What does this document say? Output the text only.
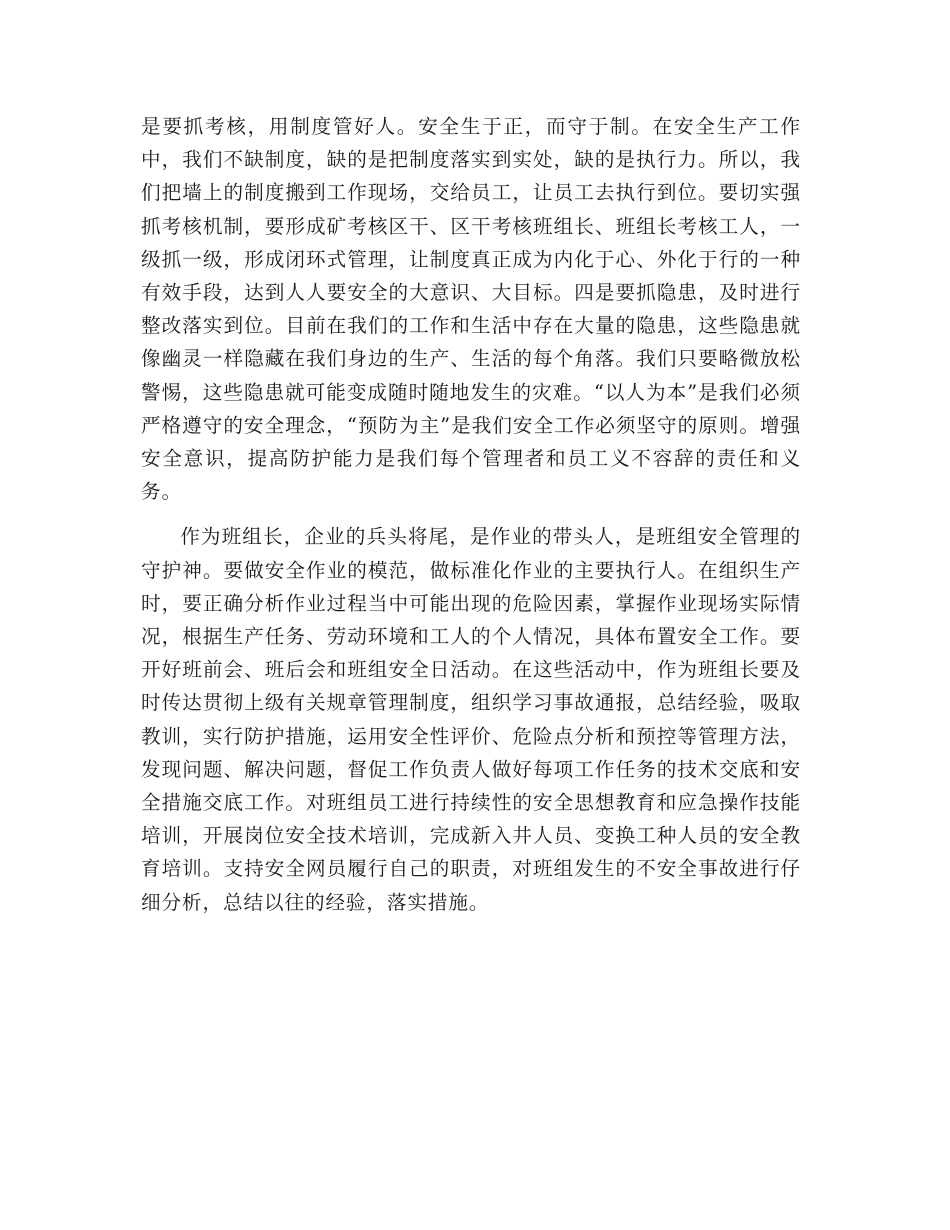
是要抓考核，用制度管好人。安全生于正，而守于制。在安全生产工作中，我们不缺制度，缺的是把制度落实到实处，缺的是执行力。所以，我们把墙上的制度搬到工作现场，交给员工，让员工去执行到位。要切实强抓考核机制，要形成矿考核区干、区干考核班组长、班组长考核工人，一级抓一级，形成闭环式管理，让制度真正成为内化于心、外化于行的一种有效手段，达到人人要安全的大意识、大目标。四是要抓隐患，及时进行整改落实到位。目前在我们的工作和生活中存在大量的隐患，这些隐患就像幽灵一样隐藏在我们身边的生产、生活的每个角落。我们只要略微放松警惕，这些隐患就可能变成随时随地发生的灾难。“以人为本”是我们必须严格遵守的安全理念，“预防为主”是我们安全工作必须坚守的原则。增强安全意识，提高防护能力是我们每个管理者和员工义不容辞的责任和义务。

作为班组长，企业的兵头将尾，是作业的带头人，是班组安全管理的守护神。要做安全作业的模范，做标准化作业的主要执行人。在组织生产时，要正确分析作业过程当中可能出现的危险因素，掌握作业现场实际情况，根据生产任务、劳动环境和工人的个人情况，具体布置安全工作。要开好班前会、班后会和班组安全日活动。在这些活动中，作为班组长要及时传达贯彻上级有关规章管理制度，组织学习事故通报，总结经验，吸取教训，实行防护措施，运用安全性评价、危险点分析和预控等管理方法，发现问题、解决问题，督促工作负责人做好每项工作任务的技术交底和安全措施交底工作。对班组员工进行持续性的安全思想教育和应急操作技能培训，开展岗位安全技术培训，完成新入井人员、变换工种人员的安全教育培训。支持安全网员履行自己的职责，对班组发生的不安全事故进行仔细分析，总结以往的经验，落实措施。
